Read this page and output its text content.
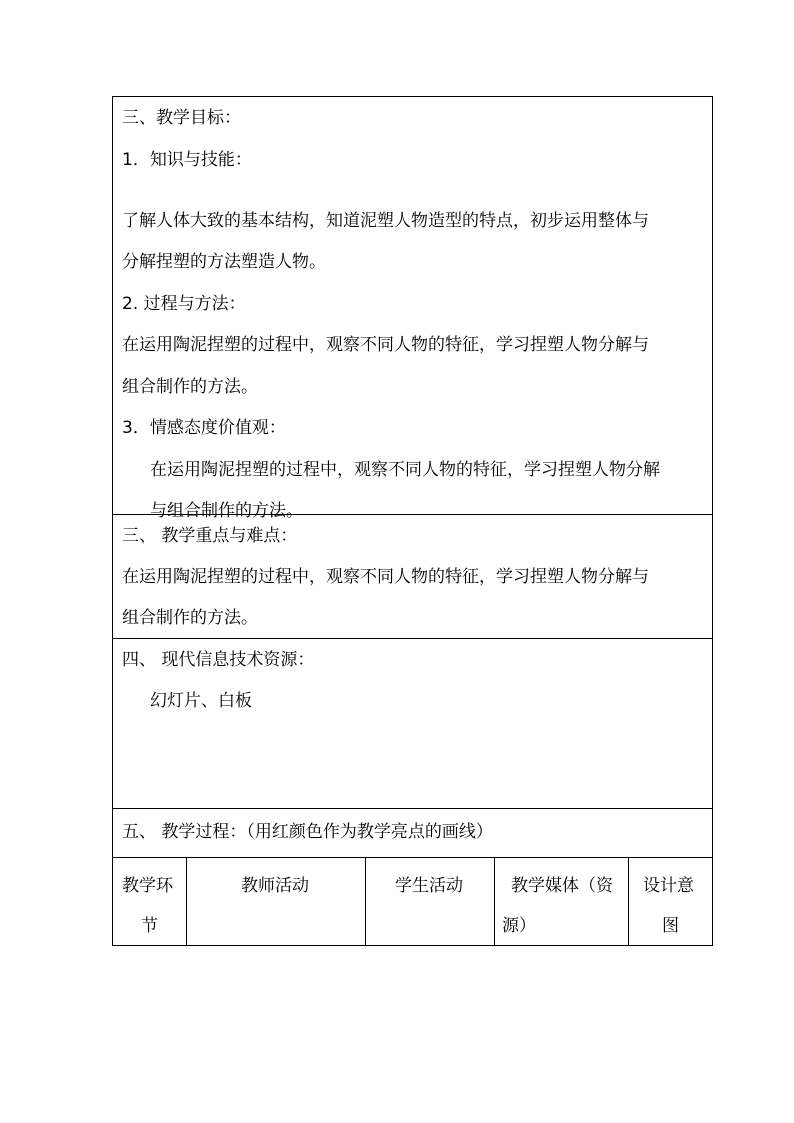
三、教学目标：
1．知识与技能：
了解人体大致的基本结构，知道泥塑人物造型的特点，初步运用整体与
分解捏塑的方法塑造人物。
2. 过程与方法：
在运用陶泥捏塑的过程中，观察不同人物的特征，学习捏塑人物分解与
组合制作的方法。
3．情感态度价值观：
在运用陶泥捏塑的过程中，观察不同人物的特征，学习捏塑人物分解
与组合制作的方法。
三、 教学重点与难点：
在运用陶泥捏塑的过程中，观察不同人物的特征，学习捏塑人物分解与
组合制作的方法。
四、 现代信息技术资源：
幻灯片、白板
五、 教学过程：（用红颜色作为教学亮点的画线）
教学环
节
教师活动	学生活动	教学媒体（资
源）
设计意
图
